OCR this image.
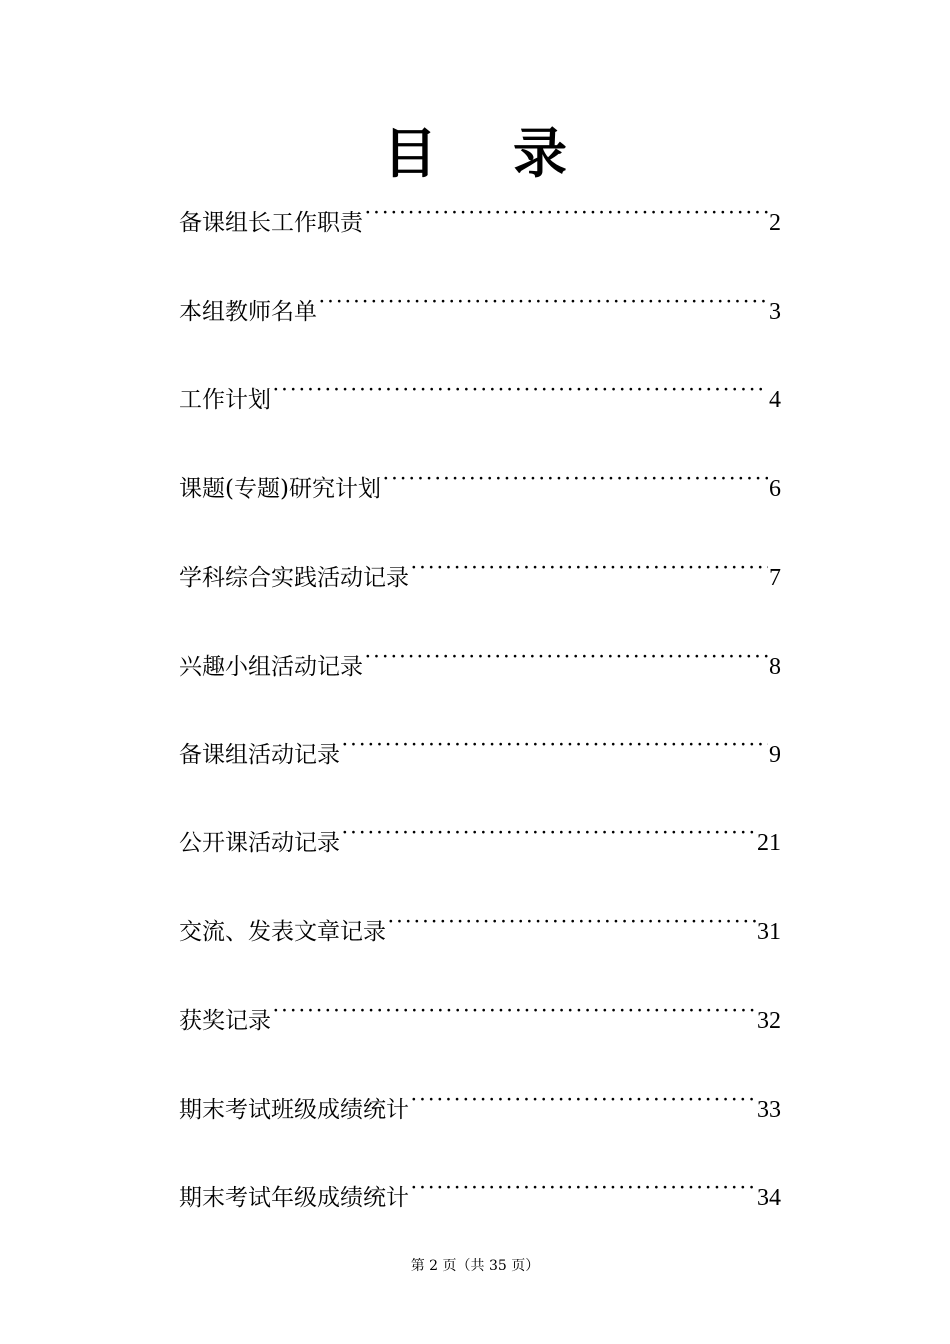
目 录
备课组长工作职责 ·····	2
本组教师名单 ·····	3
工作计划 ·····	4
课题(专题)研究计划 ·····	6
学科综合实践活动记录 ·····	7
兴趣小组活动记录 ·····	8
备课组活动记录 ·····	9
公开课活动记录 ·····	21
交流、发表文章记录 ·····	31
获奖记录 ·····	32
期末考试班级成绩统计 ·····	33
期末考试年级成绩统计 ·····	34
第 2 页（共 35 页）
